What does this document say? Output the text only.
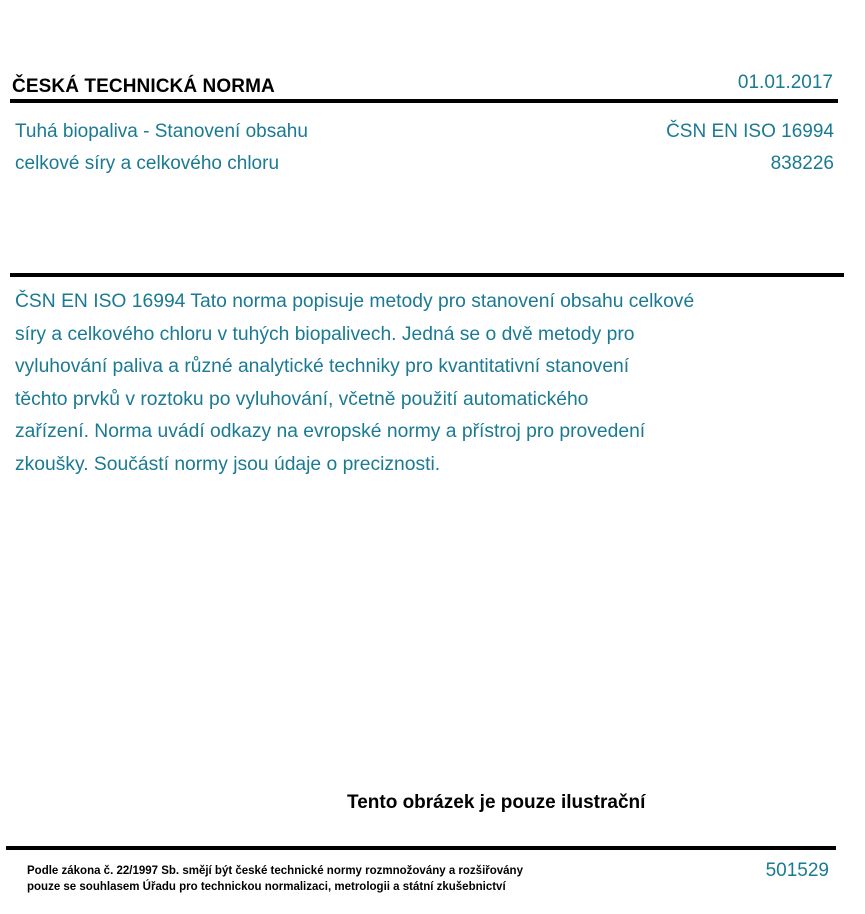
ČESKÁ TECHNICKÁ NORMA	01.01.2017
Tuhá biopaliva - Stanovení obsahu
celkové síry a celkového chloru
ČSN EN ISO 16994
838226
ČSN EN ISO 16994 Tato norma popisuje metody pro stanovení obsahu celkové
síry a celkového chloru v tuhých biopalivech. Jedná se o dvě metody pro
vyluhování paliva a různé analytické techniky pro kvantitativní stanovení
těchto prvků v roztoku po vyluhování, včetně použití automatického
zařízení. Norma uvádí odkazy na evropské normy a přístroj pro provedení
zkoušky. Součástí normy jsou údaje o preciznosti.
Tento obrázek je pouze ilustrační
Podle zákona č. 22/1997 Sb. smějí být české technické normy rozmnožovány a rozšiřovány
pouze se souhlasem Úřadu pro technickou normalizaci, metrologii a státní zkušebnictví
501529
